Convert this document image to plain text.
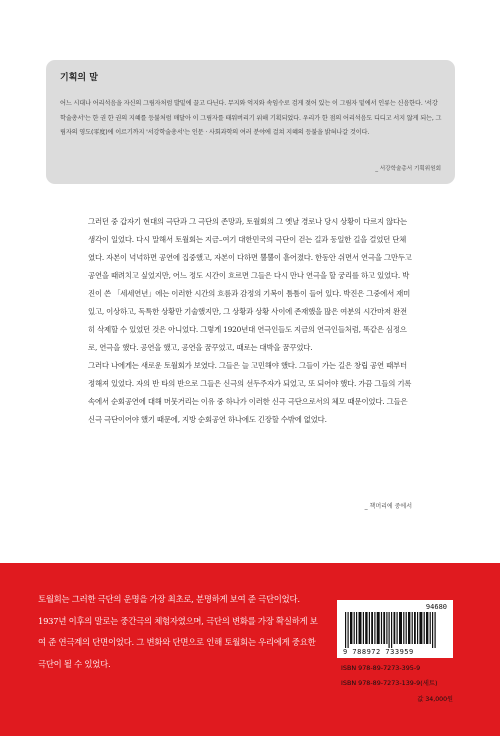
기획의 말
어느 시대나 어리석음을 자신의 그림자처럼 발밑에 끌고 다닌다. 무지와 억지와 속임수로 검게 젖어 있는 이 그림자 밑에서 인류는 신음한다. '서강학술총서'는 한 권 한 권의 지혜를 등불처럼 매달아 이 그림자를 태워버리기 위해 기획되었다. 우리가 한 점의 어리석음도 디디고 서지 않게 되는, 그림자의 영도(零度)에 이르기까지 '서강학술총서'는 인문 · 사회과학의 여러 분야에 걸쳐 지혜의 등불을 밝혀나갈 것이다.
_ 서강학술총서 기획위원회

그러던 중 갑자기 현대의 극단과 그 극단의 존망과, 토월회의 그 옛날 경로나 당시 상황이 다르지 않다는 생각이 일었다. 다시 말해서 토월회는 지금–여기 대한민국의 극단이 걷는 길과 동일한 길을 걸었던 단체였다. 자본이 넉넉하면 공연에 집중했고, 자본이 다하면 뿔뿔이 흩어졌다. 한동안 쉬면서 연극을 그만두고 공연을 때려치고 싶었지만, 어느 정도 시간이 흐르면 그들은 다시 만나 연극을 할 궁리를 하고 있었다. 박진이 쓴 「세세연년」에는 이러한 시간의 흐름과 감정의 기복이 틈틈이 들어 있다. 박진은 그중에서 재미있고, 이상하고, 독특한 상황만 기술했지만, 그 상황과 상황 사이에 존재했을 많은 여분의 시간마저 완전히 삭제할 수 있었던 것은 아니었다. 그렇게 1920년대 연극인들도 지금의 연극인들처럼, 똑같은 심정으로, 연극을 했다. 공연을 했고, 공연을 꿈꾸었고, 때로는 대박을 꿈꾸었다.

그러다 나에게는 새로운 토월회가 보였다. 그들은 늘 고민해야 했다. 그들이 가는 길은 창립 공연 때부터 정해져 있었다. 자의 반 타의 반으로 그들은 신극의 선두주자가 되었고, 또 되어야 했다. 가끔 그들의 기록 속에서 순회공연에 대해 머뭇거리는 이유 중 하나가 이러한 신극 극단으로서의 체모 때문이었다. 그들은 신극 극단이어야 했기 때문에, 지방 순회공연 하나에도 긴장할 수밖에 없었다.

_ 책머리에 중에서
토월회는 그러한 극단의 운명을 가장 최초로, 분명하게 보여 준 극단이었다. 1937년 이후의 말로는 중간극의 체험자였으며, 극단의 변화를 가장 확실하게 보여 준 연극계의 단면이었다. 그 변화와 단면으로 인해 토월회는 우리에게 중요한 극단이 될 수 있었다.
94680
9 788972 733959
ISBN 978-89-7273-395-9
ISBN 978-89-7273-139-9(세트)
값 34,000원
